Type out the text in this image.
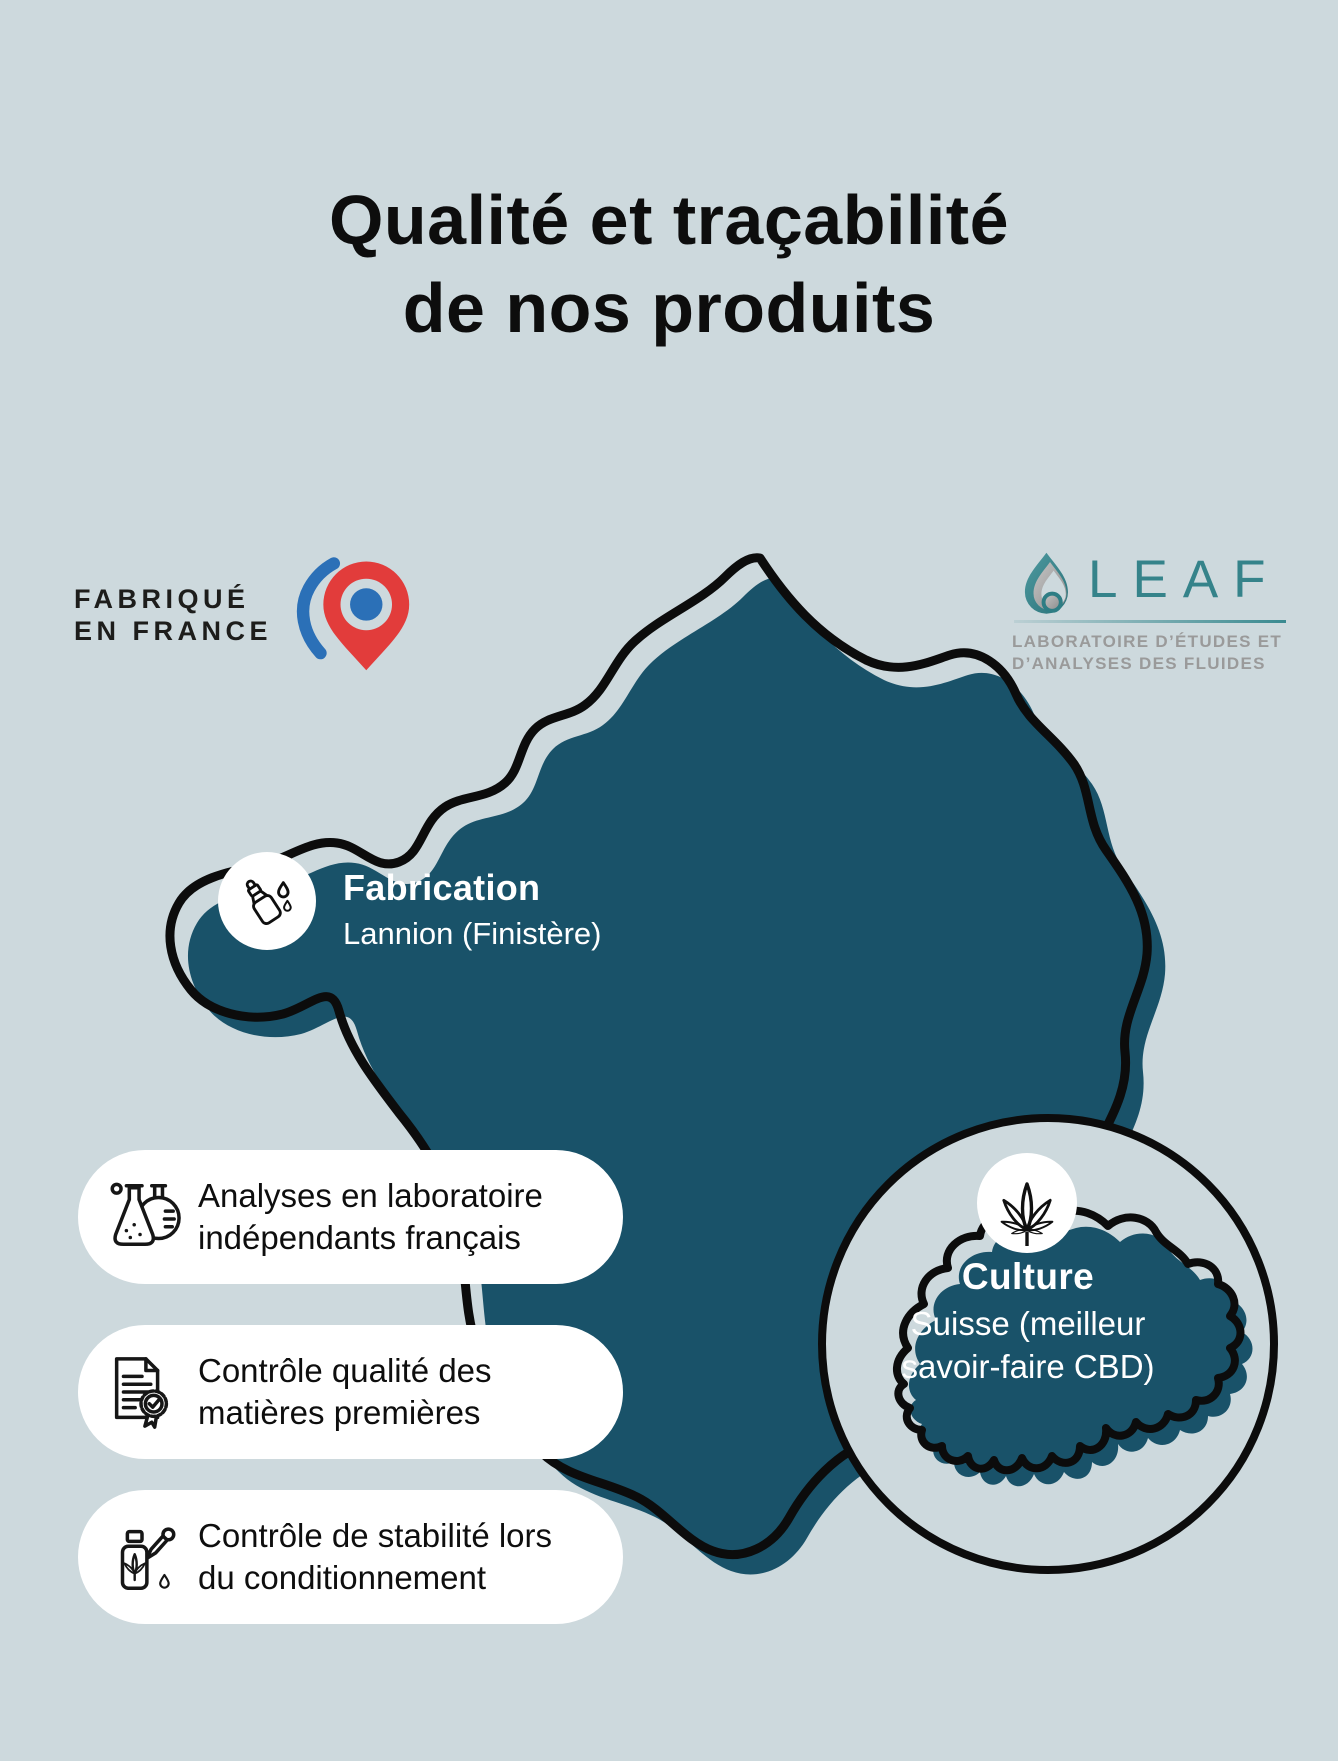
Qualité et traçabilité
de nos produits
FABRIQUÉ
EN FRANCE
LEAF
LABORATOIRE D’ÉTUDES ET
D’ANALYSES DES FLUIDES
Fabrication
Lannion (Finistère)
Culture
Suisse (meilleur
savoir-faire CBD)
Analyses en laboratoire
indépendants français
Contrôle qualité des
matières premières
Contrôle de stabilité lors
du conditionnement
